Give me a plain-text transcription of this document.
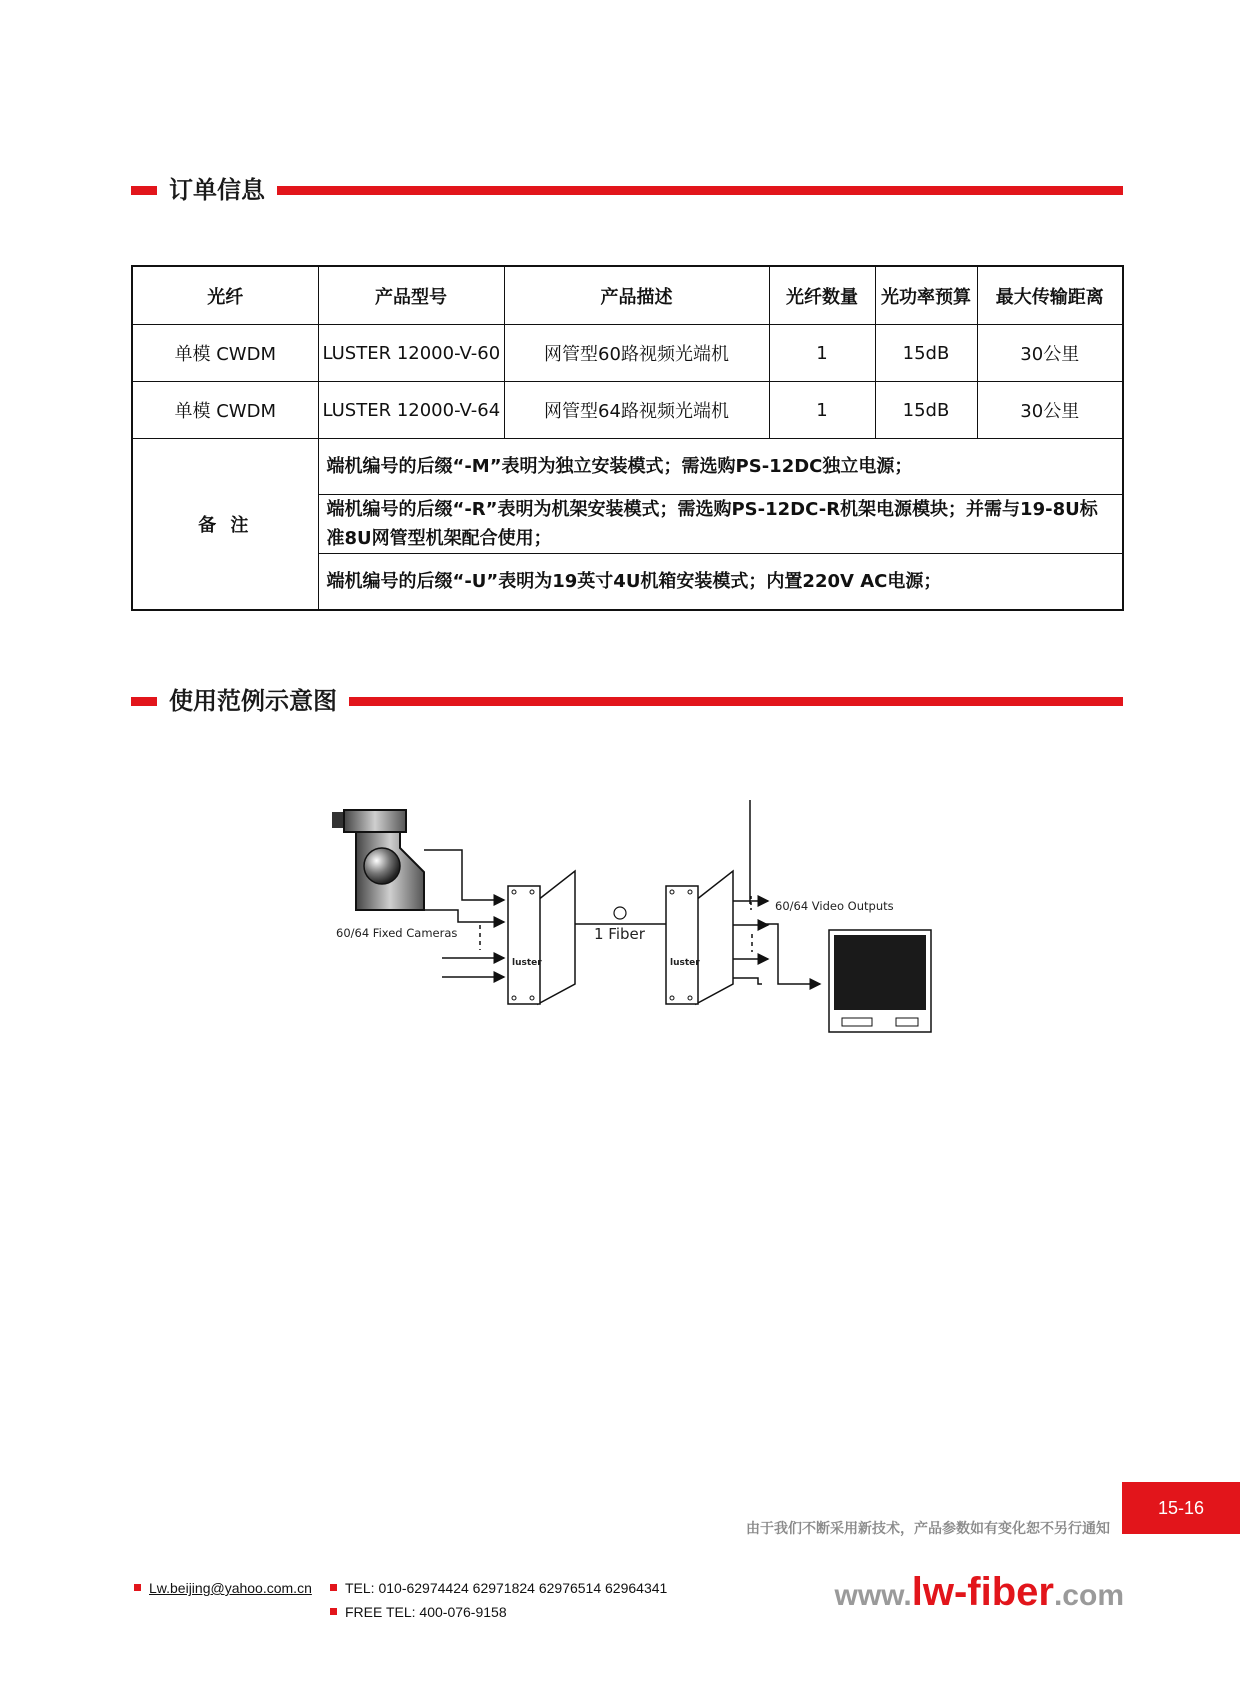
订单信息
光纤	产品型号	产品描述	光纤数量	光功率预算	最大传输距离
单模 CWDM	LUSTER 12000-V-60	网管型60路视频光端机	1	15dB	30公里
单模 CWDM	LUSTER 12000-V-64	网管型64路视频光端机	1	15dB	30公里
备 注	端机编号的后缀“-M”表明为独立安装模式；需选购PS-12DC独立电源；				
	端机编号的后缀“-R”表明为机架安装模式；需选购PS-12DC-R机架电源模块；并需与19-8U标准8U网管型机架配合使用；				
	端机编号的后缀“-U”表明为19英寸4U机箱安装模式；内置220V AC电源；				
使用范例示意图
60/64 Fixed Cameras
luster
1 Fiber
luster
60/64 Video Outputs
15-16
由于我们不断采用新技术，产品参数如有变化恕不另行通知
Lw.beijing@yahoo.com.cn	TEL: 010-62974424 62971824 62976514 62964341
FREE TEL: 400-076-9158	www.lw-fiber.com
